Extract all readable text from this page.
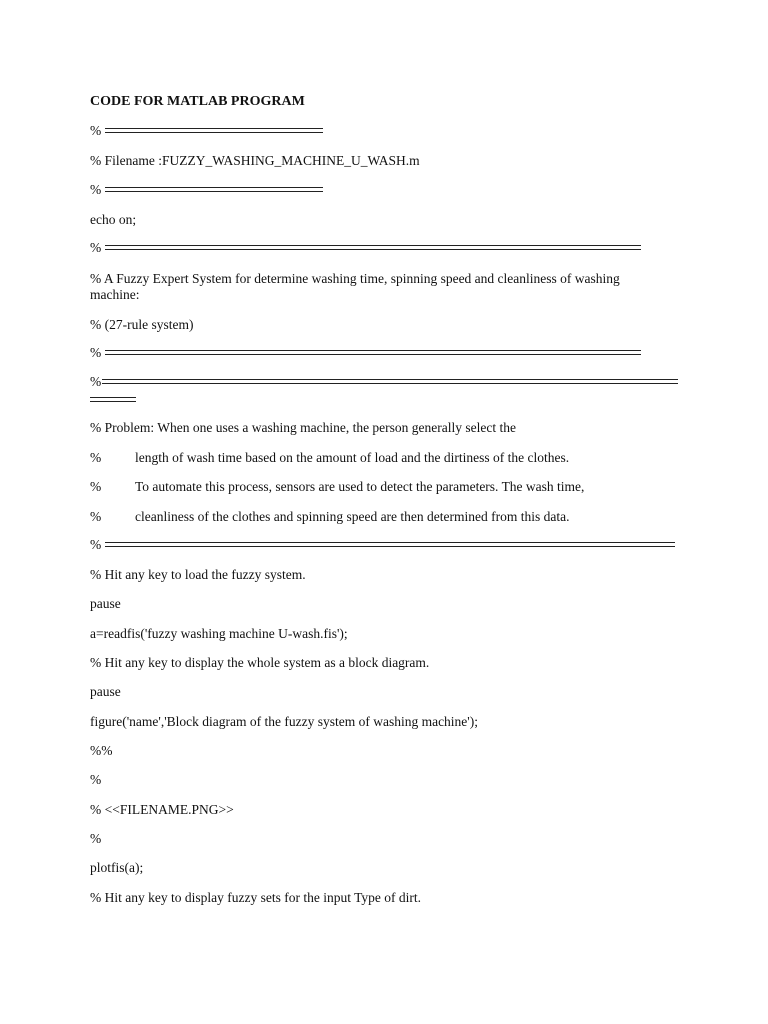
CODE FOR MATLAB PROGRAM
%
% Filename :FUZZY_WASHING_MACHINE_U_WASH.m
%
echo on;
%
% A Fuzzy Expert System for determine washing time, spinning speed and cleanliness of washing machine:
% (27-rule system)
%
%
% Problem: When one uses a washing machine, the person generally select the
%	length of wash time based on the amount of load and the dirtiness of the clothes.
%	To automate this process, sensors are used to detect the parameters. The wash time,
%	cleanliness of the clothes and spinning speed are then determined from this data.
%
% Hit any key to load the fuzzy system.
pause
a=readfis('fuzzy washing machine U-wash.fis');
% Hit any key to display the whole system as a block diagram.
pause
figure('name','Block diagram of the fuzzy system of washing machine');
%%
%
% <<FILENAME.PNG>>
%
plotfis(a);
% Hit any key to display fuzzy sets for the input Type of dirt.
